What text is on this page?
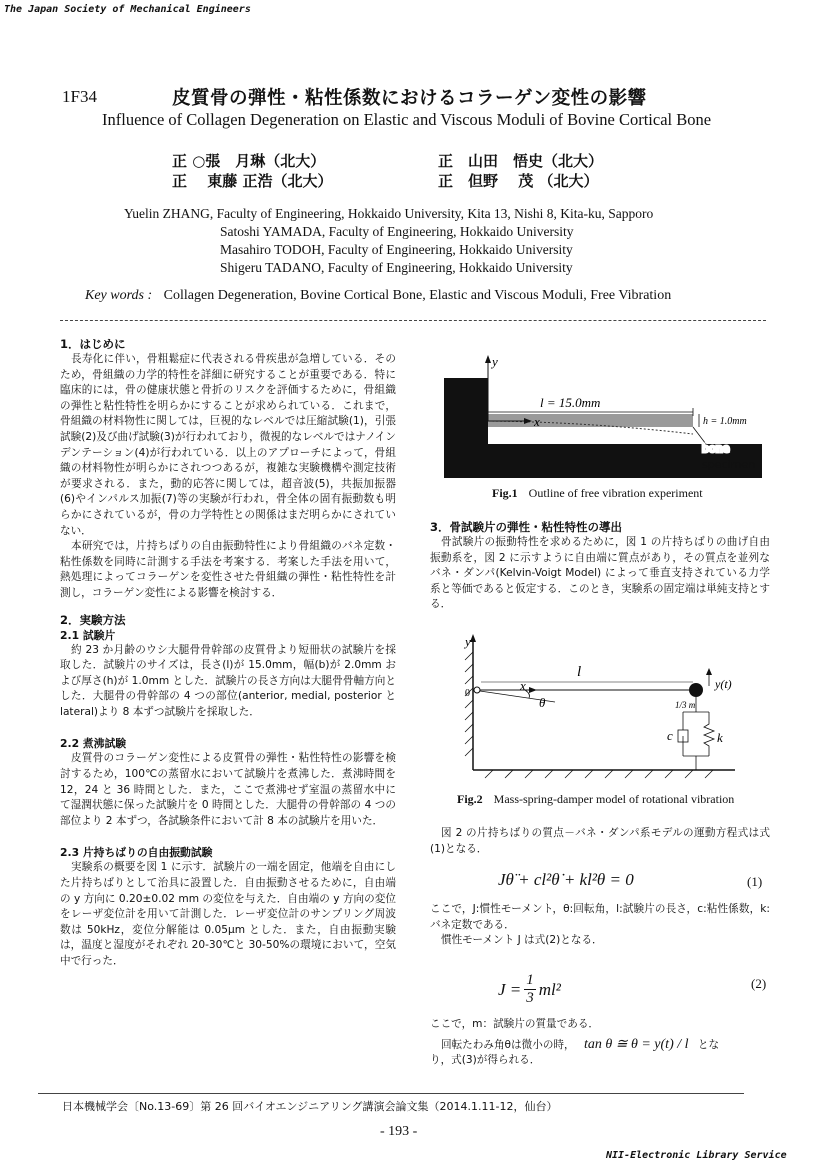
The Japan Society of Mechanical Engineers
1F34	皮質骨の弾性・粘性係数におけるコラーゲン変性の影響
Influence of Collagen Degeneration on Elastic and Viscous Moduli of Bovine Cortical Bone
正 ○張　月琳（北大）
正　 東藤 正浩（北大）
正　山田　悟史（北大）
正　但野　 茂 （北大）
Yuelin ZHANG, Faculty of Engineering, Hokkaido University, Kita 13, Nishi 8, Kita-ku, Sapporo
Satoshi YAMADA, Faculty of Engineering, Hokkaido University
Masahiro TODOH, Faculty of Engineering, Hokkaido University
Shigeru TADANO, Faculty of Engineering, Hokkaido University
Key words : Collagen Degeneration, Bovine Cortical Bone, Elastic and Viscous Moduli, Free Vibration
1．はじめに

長寿化に伴い，骨粗鬆症に代表される骨疾患が急増している．そのため，骨組織の力学的特性を詳細に研究することが重要である．特に臨床的には，骨の健康状態と骨折のリスクを評価するために，骨組織の弾性と粘性特性を明らかにすることが求められている．これまで，骨組織の材料物性に関しては，巨視的なレベルでは圧縮試験(1)，引張試験(2)及び曲げ試験(3)が行われており，微視的なレベルではナノインデンテーション(4)が行われている．以上のアプローチによって，骨組織の材料物性が明らかにされつつあるが，複雑な実験機構や測定技術が要求される．また，動的応答に関しては，超音波(5)，共振加振器(6)やインパルス加振(7)等の実験が行われ，骨全体の固有振動数も明らかにされているが，骨の力学特性との関係はまだ明らかにされていない．

本研究では，片持ちばりの自由振動特性により骨組織のバネ定数・粘性係数を同時に計測する手法を考案する．考案した手法を用いて，熱処理によってコラーゲンを変性させた骨組織の弾性・粘性特性を計測し，コラーゲン変性による影響を検討する．

2．実験方法
2.1 試験片

約 23 か月齢のウシ大腿骨骨幹部の皮質骨より短冊状の試験片を採取した．試験片のサイズは，長さ(l)が 15.0mm，幅(b)が 2.0mm および厚さ(h)が 1.0mm とした．試験片の長さ方向は大腿骨骨軸方向とした．大腿骨の骨幹部の 4 つの部位(anterior, medial, posterior と lateral)より 8 本ずつ試験片を採取した．

2.2 煮沸試験

皮質骨のコラーゲン変性による皮質骨の弾性・粘性特性の影響を検討するため，100℃の蒸留水において試験片を煮沸した．煮沸時間を 12，24 と 36 時間とした．また，ここで煮沸せず室温の蒸留水中にて湿潤状態に保った試験片を 0 時間とした．大腿骨の骨幹部の 4 つの部位より 2 本ずつ，各試験条件において計 8 本の試験片を用いた．

2.3 片持ちばりの自由振動試験

実験系の概要を図 1 に示す．試験片の一端を固定，他端を自由にした片持ちばりとして治具に設置した．自由振動させるために，自由端の y 方向に 0.20±0.02 mm の変位を与えた．自由端の y 方向の変位をレーザ変位計を用いて計測した．レーザ変位計のサンプリング周波数は 50kHz，変位分解能は 0.05μm とした．また，自由振動実験は，温度と湿度がそれぞれ 20-30℃と 30-50%の環境において，空気中で行った．

y
x
l = 15.0mm
h = 1.0mm
bone
specimen
Fig.1 Outline of free vibration experiment
3．骨試験片の弾性・粘性特性の導出

骨試験片の振動特性を求めるために，図 1 の片持ちばりの曲げ自由振動系を，図 2 に示すように自由端に質点があり，その質点を並列なバネ・ダンパ(Kelvin-Voigt Model) によって垂直支持されている力学系と等価であると仮定する．このとき，実験系の固定端は単純支持とする．

y
0
x
θ
l
y(t)
1/3 m
c	k
Fig.2 Mass-spring-damper model of rotational vibration

図 2 の片持ちばりの質点－バネ・ダンパ系モデルの運動方程式は式(1)となる．

Jθ̈ + cl²θ̇ + kl²θ = 0	(1)

ここで，J:慣性モーメント，θ:回転角，l:試験片の長さ，c:粘性係数，k:バネ定数である．

慣性モーメント J は式(2)となる．

$J = \frac{1}{3} ml^2$	(2)

ここで，m：試験片の質量である．

回転たわみ角θは微小の時， tan θ ≅ θ = y(t) / l とな

り，式(3)が得られる．

日本機械学会〔No.13-69〕第 26 回バイオエンジニアリング講演会論文集（2014.1.11-12，仙台）
- 193 -
NII-Electronic Library Service
